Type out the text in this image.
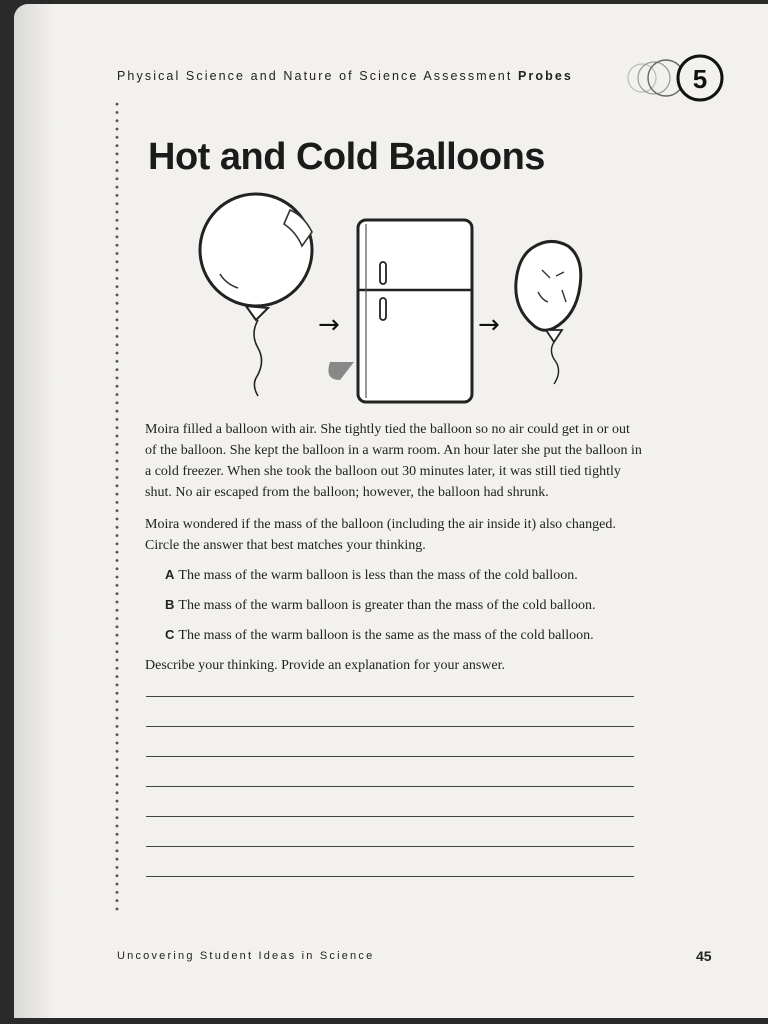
Physical Science and Nature of Science Assessment Probes	5
Hot and Cold Balloons
→	→

Moira filled a balloon with air. She tightly tied the balloon so no air could get in or out of the balloon. She kept the balloon in a warm room. An hour later she put the balloon in a cold freezer. When she took the balloon out 30 minutes later, it was still tied tightly shut. No air escaped from the balloon; however, the balloon had shrunk.

Moira wondered if the mass of the balloon (including the air inside it) also changed. Circle the answer that best matches your thinking.

A The mass of the warm balloon is less than the mass of the cold balloon.

B The mass of the warm balloon is greater than the mass of the cold balloon.

C The mass of the warm balloon is the same as the mass of the cold balloon.

Describe your thinking. Provide an explanation for your answer.

Uncovering Student Ideas in Science	45
